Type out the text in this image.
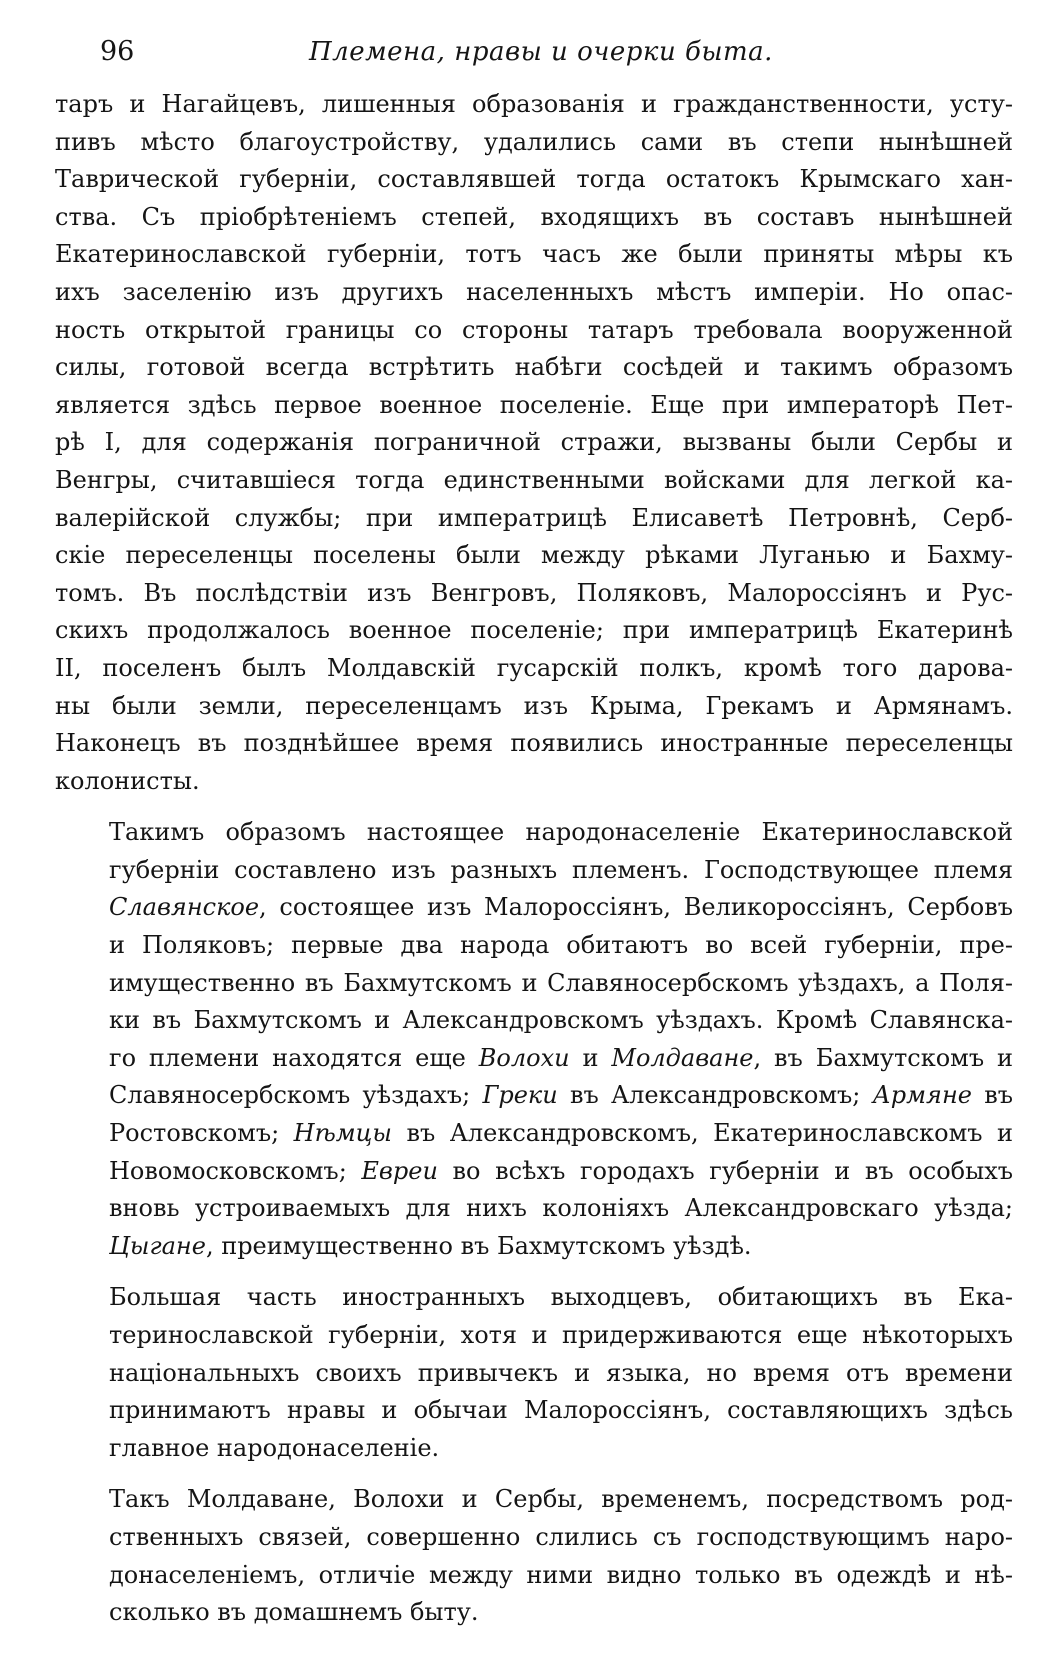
96	Племена, нравы и очерки быта.

таръ и Нагайцевъ, лишенныя образованія и гражданственности, усту-
пивъ мѣсто благоустройству, удалились сами въ степи нынѣшней
Таврической губерніи, составлявшей тогда остатокъ Крымскаго хан-
ства. Съ пріобрѣтеніемъ степей, входящихъ въ составъ нынѣшней
Екатеринославской губерніи, тотъ часъ же были приняты мѣры къ
ихъ заселенію изъ другихъ населенныхъ мѣстъ имперіи. Но опас-
ность открытой границы со стороны татаръ требовала вооруженной
силы, готовой всегда встрѣтить набѣги сосѣдей и такимъ образомъ
является здѣсь первое военное поселеніе. Еще при императорѣ Пет-
рѣ I, для содержанія пограничной стражи, вызваны были Сербы и
Венгры, считавшіеся тогда единственными войсками для легкой ка-
валерійской службы; при императрицѣ Елисаветѣ Петровнѣ, Серб-
скіе переселенцы поселены были между рѣками Луганью и Бахму-
томъ. Въ послѣдствіи изъ Венгровъ, Поляковъ, Малороссіянъ и Рус-
скихъ продолжалось военное поселеніе; при императрицѣ Екатеринѣ
II, поселенъ былъ Молдавскій гусарскій полкъ, кромѣ того дарова-
ны были земли, переселенцамъ изъ Крыма, Грекамъ и Армянамъ.
Наконецъ въ позднѣйшее время появились иностранные переселенцы
колонисты.

Такимъ образомъ настоящее народонаселеніе Екатеринославской
губерніи составлено изъ разныхъ племенъ. Господствующее племя
Славянское, состоящее изъ Малороссіянъ, Великороссіянъ, Сербовъ
и Поляковъ; первые два народа обитаютъ во всей губерніи, пре-
имущественно въ Бахмутскомъ и Славяносербскомъ уѣздахъ, а Поля-
ки въ Бахмутскомъ и Александровскомъ уѣздахъ. Кромѣ Славянска-
го племени находятся еще Волохи и Молдаване, въ Бахмутскомъ и
Славяносербскомъ уѣздахъ; Греки въ Александровскомъ; Армяне въ
Ростовскомъ; Нѣмцы въ Александровскомъ, Екатеринославскомъ и
Новомосковскомъ; Евреи во всѣхъ городахъ губерніи и въ особыхъ
вновь устроиваемыхъ для нихъ колоніяхъ Александровскаго уѣзда;
Цыгане, преимущественно въ Бахмутскомъ уѣздѣ.

Большая часть иностранныхъ выходцевъ, обитающихъ въ Ека-
теринославской губерніи, хотя и придерживаются еще нѣкоторыхъ
національныхъ своихъ привычекъ и языка, но время отъ времени
принимаютъ нравы и обычаи Малороссіянъ, составляющихъ здѣсь
главное народонаселеніе.

Такъ Молдаване, Волохи и Сербы, временемъ, посредствомъ род-
ственныхъ связей, совершенно слились съ господствующимъ наро-
донаселеніемъ, отличіе между ними видно только въ одеждѣ и нѣ-
сколько въ домашнемъ быту.
